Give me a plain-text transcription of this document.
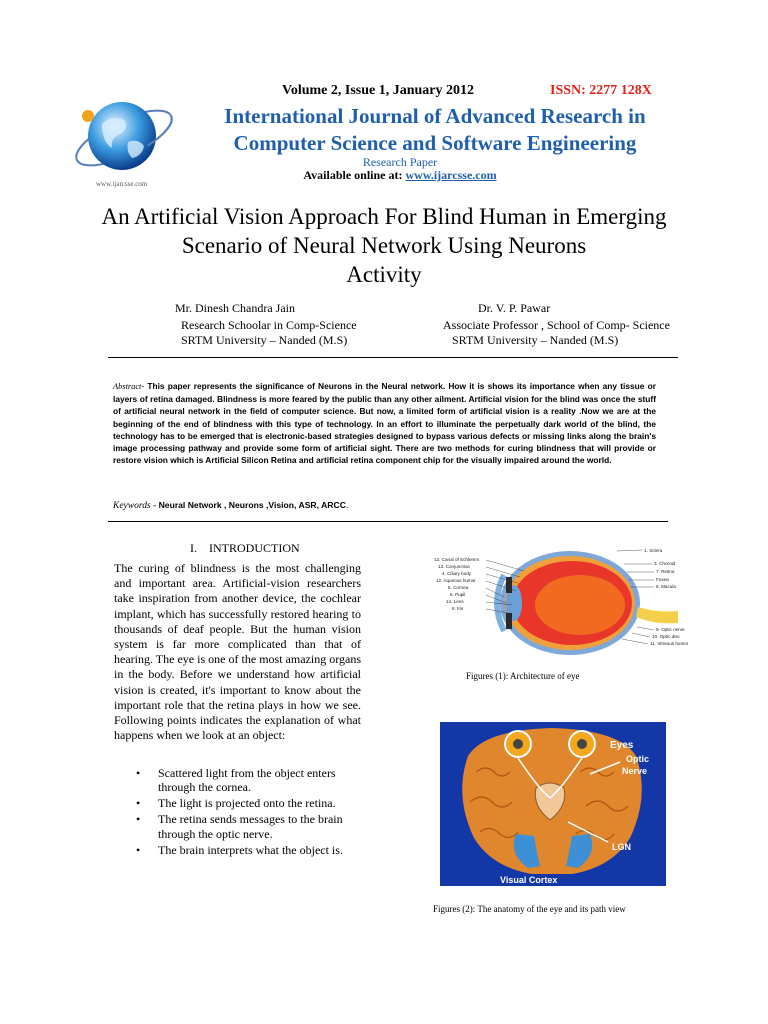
www.ijarcsse.com
Volume 2, Issue 1, January 2012	ISSN: 2277 128X
International Journal of Advanced Research in
Computer Science and Software Engineering
Research Paper
Available online at: www.ijarcsse.com
An Artificial Vision Approach For Blind Human in Emerging
Scenario of Neural Network Using Neurons
Activity
Mr. Dinesh Chandra Jain
Research Schoolar in Comp-Science
SRTM University – Nanded (M.S)
Dr. V. P. Pawar
Associate Professor , School of Comp- Science
SRTM University – Nanded (M.S)
Abstract- This paper represents the significance of Neurons in the Neural network. How it is shows its importance when any tissue or layers of retina damaged. Blindness is more feared by the public than any other ailment. Artificial vision for the blind was once the stuff of artificial neural network in the field of computer science. But now, a limited form of artificial vision is a reality .Now we are at the beginning of the end of blindness with this type of technology. In an effort to illuminate the perpetually dark world of the blind, the technology has to be emerged that is electronic-based strategies designed to bypass various defects or missing links along the brain's image processing pathway and provide some form of artificial sight. There are two methods for curing blindness that will provide or restore vision which is Artificial Silicon Retina and artificial retina component chip for the visually impaired around the world.
Keywords - Neural Network , Neurons ,Vision, ASR, ARCC.
I.    INTRODUCTION
The curing of blindness is the most challenging and important area. Artificial-vision researchers take inspiration from another device, the cochlear implant, which has successfully restored hearing to thousands of deaf people. But the human vision system is far more complicated than that of hearing. The eye is one of the most amazing organs in the body. Before we understand how artificial vision is created, it's important to know about the important role that the retina plays in how we see. Following points indicates the explanation of what happens when we look at an object:
• Scattered light from the object enters through the cornea.
• The light is projected onto the retina.
• The retina sends messages to the brain through the optic nerve.
• The brain interprets what the object is.
13. Canal of Schlemm
13. Conjunctiva
4. Ciliary body
12. Aqueous humor
5. Cornea
6. Pupil
14. Lens
8. Iris
1. Sclera
3. Choroid
7. Retina
Fovea
8. Macula
9. Optic nerve
10. Optic disc
11. Vitreous humor
Figures (1): Architecture of eye
Eyes
Optic
Nerve
LGN
Visual Cortex
Figures (2): The anatomy of the eye and its path view
